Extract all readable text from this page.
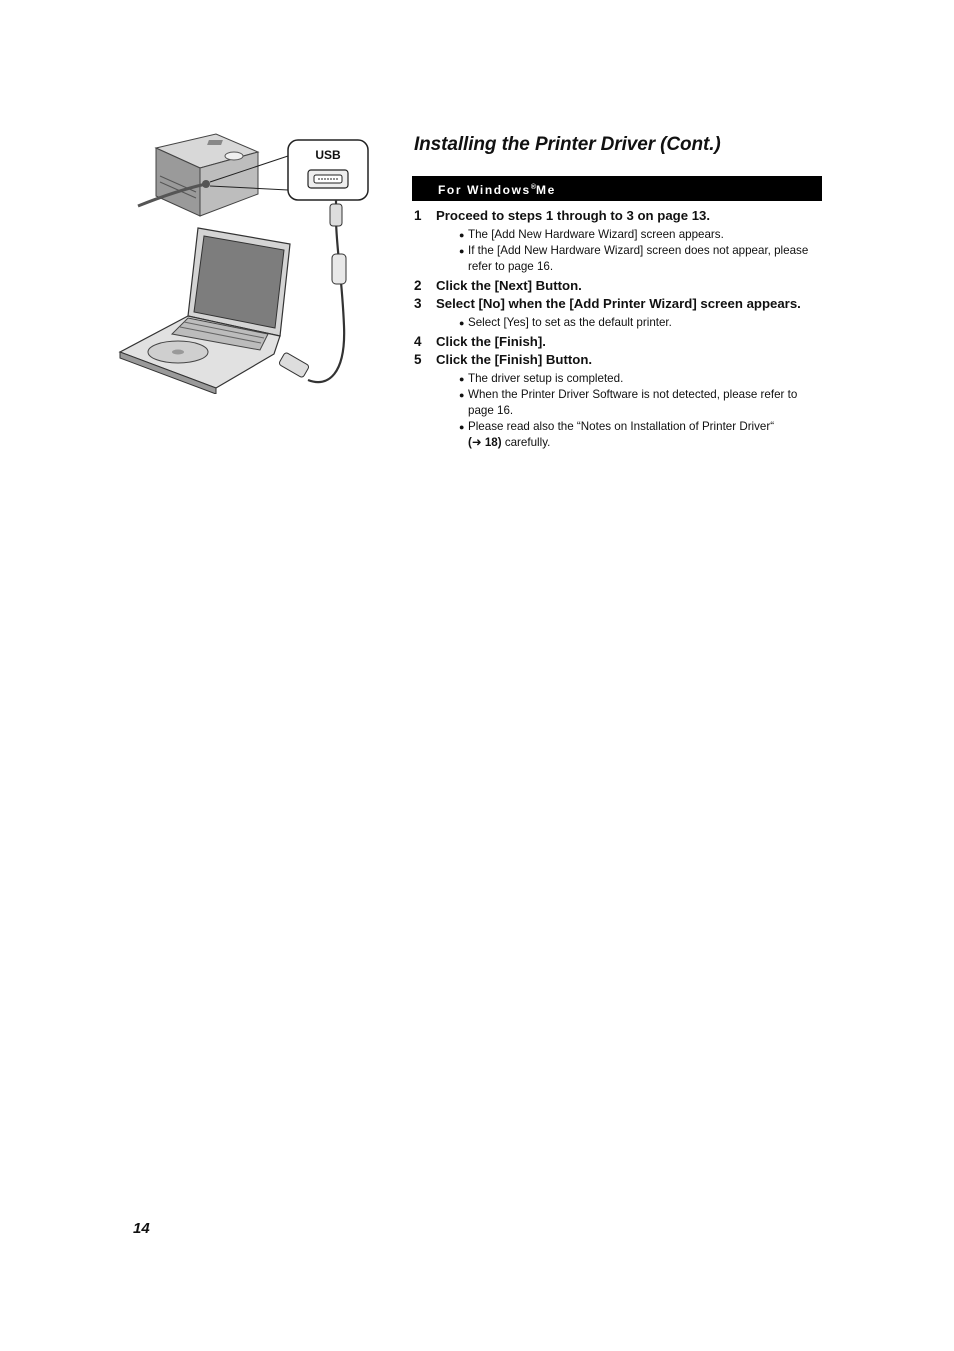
USB	Installing the Printer Driver (Cont.)
For Windows®Me
1 Proceed to steps 1 through to 3 on page 13.
● The [Add New Hardware Wizard] screen appears.
● If the [Add New Hardware Wizard] screen does not appear, please refer to page 16.
2 Click the [Next] Button.
3 Select [No] when the [Add Printer Wizard] screen appears.
● Select [Yes] to set as the default printer.
4 Click the [Finish].
5 Click the [Finish] Button.
● The driver setup is completed.
● When the Printer Driver Software is not detected, please refer to page 16.
● Please read also the “Notes on Installation of Printer Driver“
(➜ 18) carefully.
14
